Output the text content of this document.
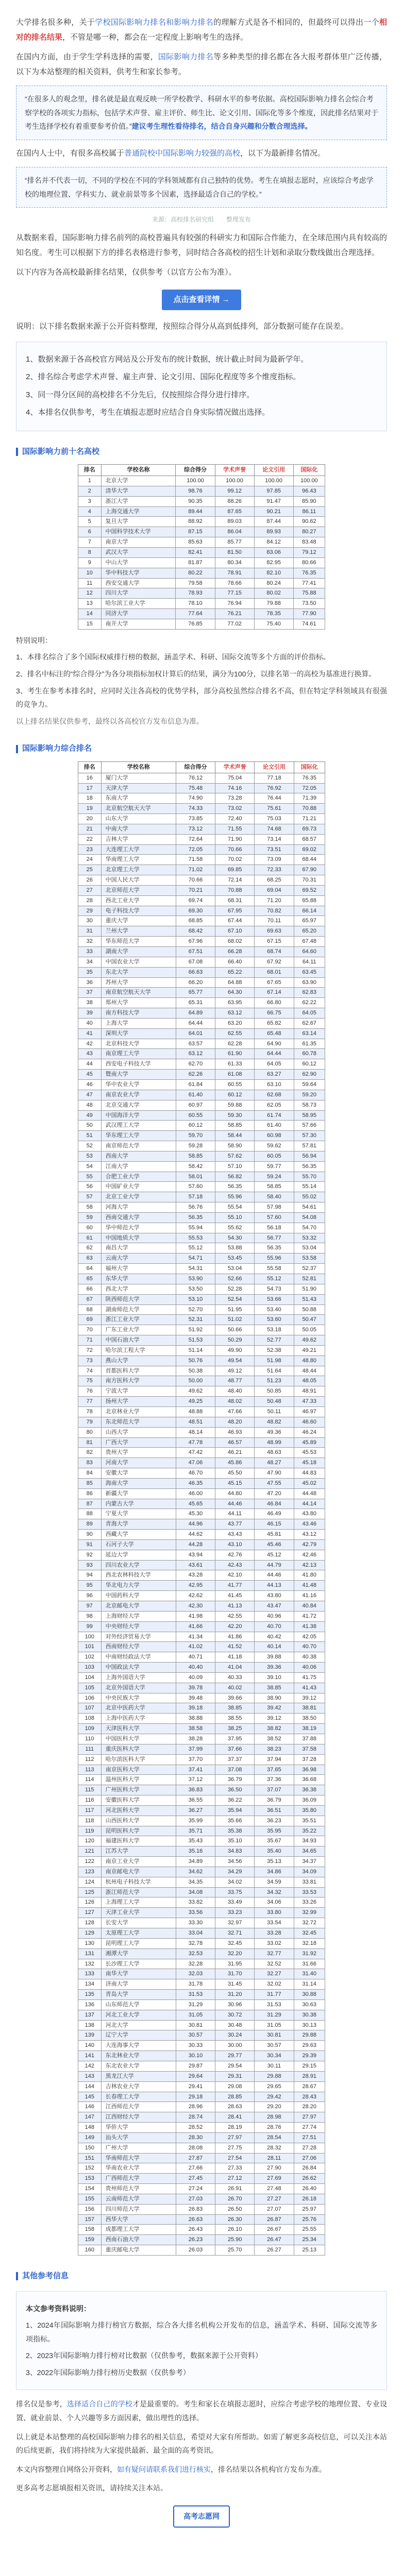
大学排名很多种，关于学校国际影响力排名和影响力排名的理解方式是各不相同的，但最终可以得出一个相对的排名结果，不管是哪一种，都会在一定程度上影响考生的选择。

在国内方面，由于学生学科选择的需要，国际影响力排名等多种类型的排名都在各大报考群体里广泛传播，以下为本站整理的相关资料，供考生和家长参考。

“在很多人的观念里，排名就是最直观反映一所学校教学、科研水平的参考依据。高校国际影响力排名会综合考察学校的各项实力指标，包括学术声誉、雇主评价、师生比、论文引用、国际化等多个维度，因此排名结果对于考生选择学校有着重要参考价值。”建议考生理性看待排名，结合自身兴趣和分数合理选择。

在国内人士中，有很多高校属于普通院校中国际影响力较强的高校，以下为最新排名情况。

“排名并不代表一切，不同的学校在不同的学科领域都有自己独特的优势。考生在填报志愿时，应该综合考虑学校的地理位置、学科实力、就业前景等多个因素，选择最适合自己的学校。”
来源：高校排名研究组　　整理发布

从数据来看，国际影响力排名前列的高校普遍具有较强的科研实力和国际合作能力，在全球范围内具有较高的知名度。考生可以根据下方的排名表格进行参考，同时结合各高校的招生计划和录取分数线做出合理选择。

以下内容为各高校最新排名结果，仅供参考（以官方公布为准）。

点击查看详情 →

说明：以下排名数据来源于公开资料整理，按照综合得分从高到低排列，部分数据可能存在误差。

1、数据来源于各高校官方网站及公开发布的统计数据，统计截止时间为最新学年。

2、排名综合考虑学术声誉、雇主声誉、论文引用、国际化程度等多个维度指标。

3、同一得分区间的高校排名不分先后，仅按照综合得分进行排序。

4、本排名仅供参考，考生在填报志愿时应结合自身实际情况做出选择。

国际影响力前十名高校
排名	学校名称	综合得分	学术声誉	论文引用	国际化
1	北京大学	100.00	100.00	100.00	100.00
2	清华大学	98.76	99.12	97.85	96.43
3	浙江大学	90.35	88.26	91.47	85.90
4	上海交通大学	89.44	87.65	90.21	86.11
5	复旦大学	88.92	89.03	87.44	90.62
6	中国科学技术大学	87.15	86.04	89.93	80.27
7	南京大学	85.63	85.77	84.12	83.48
8	武汉大学	82.41	81.50	83.06	79.12
9	中山大学	81.87	80.34	82.95	80.66
10	华中科技大学	80.22	78.91	82.10	76.35
11	西安交通大学	79.58	78.66	80.24	77.41
12	四川大学	78.93	77.15	80.02	75.88
13	哈尔滨工业大学	78.10	76.94	79.88	73.50
14	同济大学	77.64	76.21	78.35	77.90
15	南开大学	76.85	77.02	75.40	74.61

特别说明：

1、本排名综合了多个国际权威排行榜的数据，涵盖学术、科研、国际交流等多个方面的评价指标。

2、排名中标注的“综合得分”为各分项指标加权计算后的结果，满分为100分，以排名第一的高校为基准进行换算。

3、考生在参考本排名时，应同时关注各高校的优势学科，部分高校虽然综合排名不高，但在特定学科领域具有很强的竞争力。

以上排名结果仅供参考，最终以各高校官方发布信息为准。

国际影响力综合排名
排名	学校名称	综合得分	学术声誉	论文引用	国际化
16	厦门大学	76.12	75.04	77.18	76.35
17	天津大学	75.48	74.16	76.92	72.05
18	东南大学	74.90	73.28	76.44	71.39
19	北京航空航天大学	74.33	73.02	75.61	70.88
20	山东大学	73.85	72.40	75.03	71.21
21	中南大学	73.12	71.55	74.68	69.73
22	吉林大学	72.64	71.90	73.14	68.57
23	大连理工大学	72.05	70.66	73.51	69.02
24	华南理工大学	71.58	70.02	73.09	68.44
25	北京理工大学	71.02	69.85	72.33	67.90
26	中国人民大学	70.66	72.14	68.25	70.31
27	北京师范大学	70.21	70.88	69.04	69.52
28	西北工业大学	69.74	68.31	71.20	65.88
29	电子科技大学	69.30	67.95	70.82	66.14
30	重庆大学	68.85	67.44	70.11	65.97
31	兰州大学	68.42	67.10	69.63	65.20
32	华东师范大学	67.96	68.02	67.15	67.48
33	湖南大学	67.51	66.28	68.74	64.60
34	中国农业大学	67.08	66.40	67.92	64.11
35	东北大学	66.63	65.22	68.01	63.45
36	苏州大学	66.20	64.88	67.65	63.90
37	南京航空航天大学	65.77	64.30	67.14	62.83
38	郑州大学	65.31	63.95	66.80	62.22
39	南方科技大学	64.89	63.12	66.75	64.05
40	上海大学	64.44	63.20	65.82	62.67
41	深圳大学	64.01	62.55	65.48	63.14
42	北京科技大学	63.57	62.28	64.90	61.35
43	南京理工大学	63.12	61.90	64.44	60.78
44	西安电子科技大学	62.70	61.33	64.05	60.12
45	暨南大学	62.26	61.08	63.27	62.90
46	华中农业大学	61.84	60.55	63.10	59.64
47	南京农业大学	61.40	60.12	62.68	59.20
48	北京交通大学	60.97	59.88	62.05	58.73
49	中国海洋大学	60.55	59.30	61.74	58.95
50	武汉理工大学	60.12	58.85	61.40	57.66
51	华东理工大学	59.70	58.44	60.98	57.30
52	南京师范大学	59.28	58.90	59.62	57.81
53	西南大学	58.85	57.62	60.05	56.94
54	江南大学	58.42	57.10	59.77	56.35
55	合肥工业大学	58.01	56.82	59.24	55.70
56	中国矿业大学	57.60	56.35	58.85	55.14
57	北京工业大学	57.18	55.96	58.40	55.02
58	河海大学	56.76	55.54	57.98	54.61
59	西南交通大学	56.35	55.10	57.60	54.08
60	华中师范大学	55.94	55.62	56.18	54.70
61	中国地质大学	55.53	54.30	56.77	53.32
62	南昌大学	55.12	53.88	56.35	53.04
63	云南大学	54.71	53.45	55.96	53.58
64	福州大学	54.31	53.04	55.58	52.37
65	东华大学	53.90	52.66	55.12	52.81
66	西北大学	53.50	52.28	54.73	51.90
67	陕西师范大学	53.10	52.54	53.66	51.43
68	湖南师范大学	52.70	51.95	53.40	50.88
69	浙江工业大学	52.31	51.02	53.60	50.47
70	广东工业大学	51.92	50.66	53.18	50.05
71	中国石油大学	51.53	50.29	52.77	49.62
72	哈尔滨工程大学	51.14	49.90	52.38	49.21
73	燕山大学	50.76	49.54	51.98	48.80
74	首都医科大学	50.38	49.12	51.64	48.44
75	南方医科大学	50.00	48.77	51.23	48.05
76	宁波大学	49.62	48.40	50.85	48.91
77	扬州大学	49.25	48.02	50.48	47.33
78	北京林业大学	48.88	47.66	50.11	46.97
79	东北师范大学	48.51	48.20	48.82	46.60
80	山西大学	48.14	46.93	49.36	46.24
81	广西大学	47.78	46.57	48.99	45.89
82	贵州大学	47.42	46.21	48.63	45.53
83	河南大学	47.06	45.86	48.27	45.18
84	安徽大学	46.70	45.50	47.90	44.83
85	海南大学	46.35	45.15	47.55	45.02
86	新疆大学	46.00	44.80	47.20	44.48
87	内蒙古大学	45.65	44.46	46.84	44.14
88	宁夏大学	45.30	44.11	46.49	43.80
89	青海大学	44.96	43.77	46.15	43.46
90	西藏大学	44.62	43.43	45.81	43.12
91	石河子大学	44.28	43.10	45.46	42.79
92	延边大学	43.94	42.76	45.12	42.46
93	四川农业大学	43.61	42.43	44.79	42.13
94	西北农林科技大学	43.28	42.10	44.46	41.80
95	华北电力大学	42.95	41.77	44.13	41.48
96	中国药科大学	42.62	41.45	43.80	41.16
97	北京邮电大学	42.30	41.13	43.47	40.84
98	上海财经大学	41.98	42.55	40.96	41.72
99	中央财经大学	41.66	42.20	40.70	41.38
100	对外经济贸易大学	41.34	41.86	40.42	42.05
101	西南财经大学	41.02	41.52	40.14	40.70
102	中南财经政法大学	40.71	41.18	39.88	40.38
103	中国政法大学	40.40	41.04	39.36	40.06
104	上海外国语大学	40.09	40.33	39.10	41.75
105	北京外国语大学	39.78	40.02	38.85	41.43
106	中央民族大学	39.48	39.66	38.90	39.12
107	北京中医药大学	39.18	38.85	39.42	38.81
108	上海中医药大学	38.88	38.55	39.12	38.50
109	天津医科大学	38.58	38.25	38.82	38.19
110	中国医科大学	38.28	37.95	38.52	37.88
111	重庆医科大学	37.99	37.66	38.23	37.58
112	哈尔滨医科大学	37.70	37.37	37.94	37.28
113	南京医科大学	37.41	37.08	37.65	36.98
114	温州医科大学	37.12	36.79	37.36	36.68
115	广州医科大学	36.83	36.50	37.07	36.38
116	安徽医科大学	36.55	36.22	36.79	36.09
117	河北医科大学	36.27	35.94	36.51	35.80
118	山西医科大学	35.99	35.66	36.23	35.51
119	昆明医科大学	35.71	35.38	35.95	35.22
120	福建医科大学	35.43	35.10	35.67	34.93
121	江苏大学	35.16	34.83	35.40	34.65
122	南京工业大学	34.89	34.56	35.13	34.37
123	南京邮电大学	34.62	34.29	34.86	34.09
124	杭州电子科技大学	34.35	34.02	34.59	33.81
125	浙江师范大学	34.08	33.75	34.32	33.53
126	上海理工大学	33.82	33.49	34.06	33.26
127	天津工业大学	33.56	33.23	33.80	32.99
128	长安大学	33.30	32.97	33.54	32.72
129	太原理工大学	33.04	32.71	33.28	32.45
130	昆明理工大学	32.78	32.45	33.02	32.18
131	湘潭大学	32.53	32.20	32.77	31.92
132	长沙理工大学	32.28	31.95	32.52	31.66
133	南华大学	32.03	31.70	32.27	31.40
134	济南大学	31.78	31.45	32.02	31.14
135	青岛大学	31.53	31.20	31.77	30.88
136	山东师范大学	31.29	30.96	31.53	30.63
137	河北工业大学	31.05	30.72	31.29	30.38
138	河北大学	30.81	30.48	31.05	30.13
139	辽宁大学	30.57	30.24	30.81	29.88
140	大连海事大学	30.33	30.00	30.57	29.63
141	东北林业大学	30.10	29.77	30.34	29.39
142	东北农业大学	29.87	29.54	30.11	29.15
143	黑龙江大学	29.64	29.31	29.88	28.91
144	吉林农业大学	29.41	29.08	29.65	28.67
145	长春理工大学	29.18	28.85	29.42	28.43
146	江西师范大学	28.96	28.63	29.20	28.20
147	江西财经大学	28.74	28.41	28.98	27.97
148	华侨大学	28.52	28.19	28.76	27.74
149	汕头大学	28.30	27.97	28.54	27.51
150	广州大学	28.08	27.75	28.32	27.28
151	华南师范大学	27.87	27.54	28.11	27.06
152	华南农业大学	27.66	27.33	27.90	26.84
153	广西师范大学	27.45	27.12	27.69	26.62
154	贵州师范大学	27.24	26.91	27.48	26.40
155	云南师范大学	27.03	26.70	27.27	26.18
156	四川师范大学	26.83	26.50	27.07	25.97
157	西华大学	26.63	26.30	26.87	25.76
158	成都理工大学	26.43	26.10	26.67	25.55
159	西南石油大学	26.23	25.90	26.47	25.34
160	重庆邮电大学	26.03	25.70	26.27	25.13
其他参考信息

本文参考资料说明：

1、2024年国际影响力排行榜官方数据，综合各大排名机构公开发布的信息，涵盖学术、科研、国际交流等多项指标。

2、2023年国际影响力排行榜对比数据（仅供参考，数据来源于公开资料）

3、2022年国际影响力排行榜历史数据（仅供参考）

排名仅是参考，选择适合自己的学校才是最重要的。考生和家长在填报志愿时，应综合考虑学校的地理位置、专业设置、就业前景、个人兴趣等多方面因素，做出理性的选择。

以上就是本站整理的高校国际影响力排名的相关信息，希望对大家有所帮助。如需了解更多高校信息，可以关注本站的后续更新，我们将持续为大家提供最新、最全面的高考资讯。

本文内容整理自网络公开资料，如有疑问请联系我们进行核实，排名结果以各机构官方发布为准。

更多高考志愿填报相关资讯，请持续关注本站。

高考志愿网
